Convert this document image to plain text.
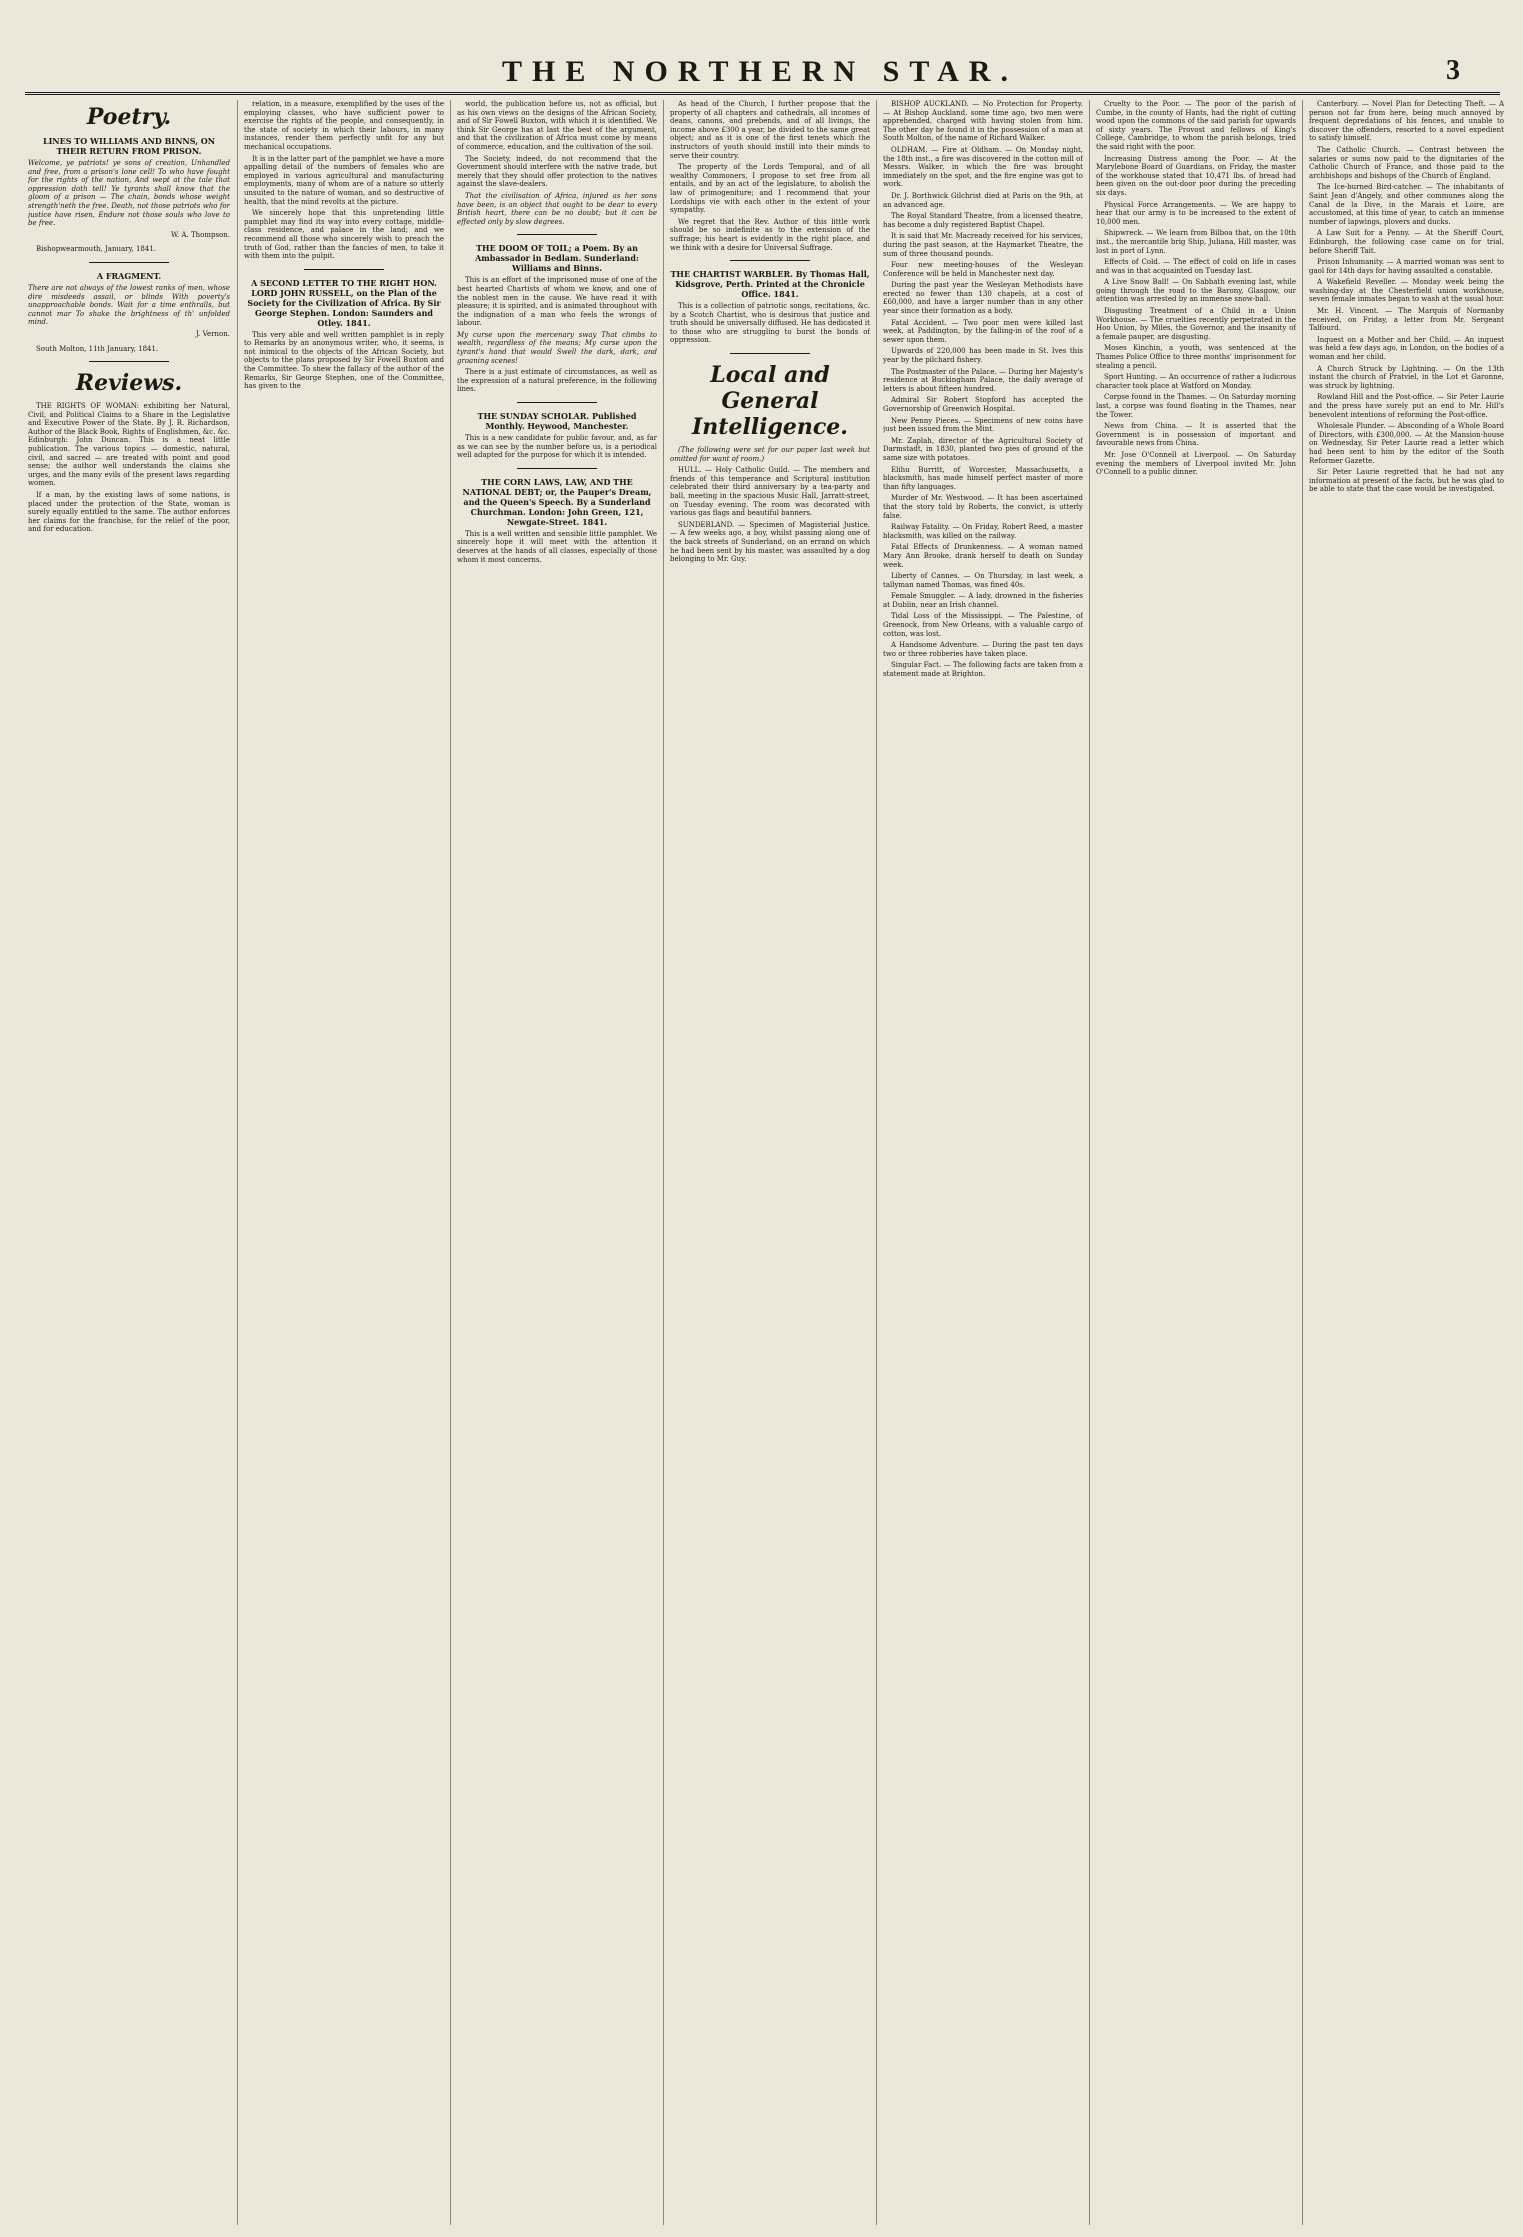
THE NORTHERN STAR.	3
Poetry.
LINES TO WILLIAMS AND BINNS, ON THEIR RETURN FROM PRISON.

Welcome, ye patriots! ye sons of creation, Unhandled and free, from a prison's lone cell! To who have fought for the rights of the nation, And wept at the tale that oppression doth tell! Ye tyrants shall know that the gloom of a prison — The chain, bonds whose weight strength'neth the free. Death, not those patriots who for justice have risen, Endure not those souls who love to be free.

W. A. Thompson.

Bishopwearmouth, January, 1841.

A FRAGMENT.

There are not always of the lowest ranks of men, whose dire misdeeds assail, or blinds With poverty's unapproachable bonds. Wait for a time enthralls, but cannot mar To shake the brightness of th' unfolded mind.

J. Vernon.

South Molton, 11th January, 1841.

Reviews.

THE RIGHTS OF WOMAN: exhibiting her Natural, Civil, and Political Claims to a Share in the Legislative and Executive Power of the State. By J. R. Richardson, Author of the Black Book, Rights of Englishmen, &c. &c. Edinburgh: John Duncan. This is a neat little publication. The various topics — domestic, natural, civil, and sacred — are treated with point and good sense; the author well understands the claims she urges, and the many evils of the present laws regarding women.

If a man, by the existing laws of some nations, is placed under the protection of the State, woman is surely equally entitled to the same. The author enforces her claims for the franchise, for the relief of the poor, and for education.

relation, in a measure, exemplified by the uses of the employing classes, who have sufficient power to exercise the rights of the people, and consequently, in the state of society in which their labours, in many instances, render them perfectly unfit for any but mechanical occupations.

It is in the latter part of the pamphlet we have a more appalling detail of the numbers of females who are employed in various agricultural and manufacturing employments, many of whom are of a nature so utterly unsuited to the nature of woman, and so destructive of health, that the mind revolts at the picture.

We sincerely hope that this unpretending little pamphlet may find its way into every cottage, middle-class residence, and palace in the land; and we recommend all those who sincerely wish to preach the truth of God, rather than the fancies of men, to take it with them into the pulpit.

A SECOND LETTER TO THE RIGHT HON. LORD JOHN RUSSELL, on the Plan of the Society for the Civilization of Africa. By Sir George Stephen. London: Saunders and Otley. 1841.

This very able and well written pamphlet is in reply to Remarks by an anonymous writer, who, it seems, is not inimical to the objects of the African Society, but objects to the plans proposed by Sir Fowell Buxton and the Committee. To shew the fallacy of the author of the Remarks, Sir George Stephen, one of the Committee, has given to the

world, the publication before us, not as official, but as his own views on the designs of the African Society, and of Sir Fowell Buxton, with which it is identified. We think Sir George has at last the best of the argument, and that the civilization of Africa must come by means of commerce, education, and the cultivation of the soil.

The Society, indeed, do not recommend that the Government should interfere with the native trade, but merely that they should offer protection to the natives against the slave-dealers.

That the civilisation of Africa, injured as her sons have been, is an object that ought to be dear to every British heart, there can be no doubt; but it can be effected only by slow degrees.

THE DOOM OF TOIL; a Poem. By an Ambassador in Bedlam. Sunderland: Williams and Binns.

This is an effort of the imprisoned muse of one of the best hearted Chartists of whom we know, and one of the noblest men in the cause. We have read it with pleasure; it is spirited, and is animated throughout with the indignation of a man who feels the wrongs of labour.

My curse upon the mercenary sway That climbs to wealth, regardless of the means; My curse upon the tyrant's hand that would Swell the dark, dark, and groaning scenes!

There is a just estimate of circumstances, as well as the expression of a natural preference, in the following lines.

THE SUNDAY SCHOLAR. Published Monthly. Heywood, Manchester.

This is a new candidate for public favour, and, as far as we can see by the number before us, is a periodical well adapted for the purpose for which it is intended.

THE CORN LAWS, LAW, AND THE NATIONAL DEBT; or, the Pauper's Dream, and the Queen's Speech. By a Sunderland Churchman. London: John Green, 121, Newgate-Street. 1841.

This is a well written and sensible little pamphlet. We sincerely hope it will meet with the attention it deserves at the hands of all classes, especially of those whom it most concerns.

As head of the Church, I further propose that the property of all chapters and cathedrals, all incomes of deans, canons, and prebends, and of all livings, the income above £300 a year, be divided to the same great object; and as it is one of the first tenets which the instructors of youth should instill into their minds to serve their country.

The property of the Lords Temporal, and of all wealthy Commoners, I propose to set free from all entails, and by an act of the legislature, to abolish the law of primogeniture; and I recommend that your Lordships vie with each other in the extent of your sympathy.

We regret that the Rev. Author of this little work should be so indefinite as to the extension of the suffrage; his heart is evidently in the right place, and we think with a desire for Universal Suffrage.

THE CHARTIST WARBLER. By Thomas Hall, Kidsgrove, Perth. Printed at the Chronicle Office. 1841.

This is a collection of patriotic songs, recitations, &c. by a Scotch Chartist, who is desirous that justice and truth should be universally diffused. He has dedicated it to those who are struggling to burst the bonds of oppression.

Local and General Intelligence.

(The following were set for our paper last week but omitted for want of room.)

HULL. — Holy Catholic Guild. — The members and friends of this temperance and Scriptural institution celebrated their third anniversary by a tea-party and ball, meeting in the spacious Music Hall, Jarratt-street, on Tuesday evening. The room was decorated with various gas flags and beautiful banners.

SUNDERLAND. — Specimen of Magisterial Justice. — A few weeks ago, a boy, whilst passing along one of the back streets of Sunderland, on an errand on which he had been sent by his master, was assaulted by a dog belonging to Mr. Guy.

BISHOP AUCKLAND. — No Protection for Property. — At Bishop Auckland, some time ago, two men were apprehended, charged with having stolen from him. The other day he found it in the possession of a man at South Molton, of the name of Richard Walker.

OLDHAM. — Fire at Oldham. — On Monday night, the 18th inst., a fire was discovered in the cotton mill of Messrs. Walker, in which the fire was brought immediately on the spot, and the fire engine was got to work.

Dr. J. Borthwick Gilchrist died at Paris on the 9th, at an advanced age.

The Royal Standard Theatre, from a licensed theatre, has become a duly registered Baptist Chapel.

It is said that Mr. Macready received for his services, during the past season, at the Haymarket Theatre, the sum of three thousand pounds.

Four new meeting-houses of the Wesleyan Conference will be held in Manchester next day.

During the past year the Wesleyan Methodists have erected no fewer than 130 chapels, at a cost of £60,000, and have a larger number than in any other year since their formation as a body.

Fatal Accident. — Two poor men were killed last week, at Paddington, by the falling-in of the roof of a sewer upon them.

Upwards of 220,000 has been made in St. Ives this year by the pilchard fishery.

The Postmaster of the Palace. — During her Majesty's residence at Buckingham Palace, the daily average of letters is about fifteen hundred.

Admiral Sir Robert Stopford has accepted the Governorship of Greenwich Hospital.

New Penny Pieces. — Specimens of new coins have just been issued from the Mint.

Mr. Zaplah, director of the Agricultural Society of Darmstadt, in 1830, planted two pies of ground of the same size with potatoes.

Elihu Burritt, of Worcester, Massachusetts, a blacksmith, has made himself perfect master of more than fifty languages.

Murder of Mr. Westwood. — It has been ascertained that the story told by Roberts, the convict, is utterly false.

Railway Fatality. — On Friday, Robert Reed, a master blacksmith, was killed on the railway.

Fatal Effects of Drunkenness. — A woman named Mary Ann Brooke, drank herself to death on Sunday week.

Liberty of Cannes. — On Thursday, in last week, a tallyman named Thomas, was fined 40s.

Female Smuggler. — A lady, drowned in the fisheries at Dublin, near an Irish channel.

Tidal Loss of the Mississippi. — The Palestine, of Greenock, from New Orleans, with a valuable cargo of cotton, was lost.

A Handsome Adventure. — During the past ten days two or three robberies have taken place.

Singular Fact. — The following facts are taken from a statement made at Brighton.

Cruelty to the Poor. — The poor of the parish of Cumbe, in the county of Hants, had the right of cutting wood upon the commons of the said parish for upwards of sixty years. The Provost and fellows of King's College, Cambridge, to whom the parish belongs, tried the said right with the poor.

Increasing Distress among the Poor. — At the Marylebone Board of Guardians, on Friday, the master of the workhouse stated that 10,471 lbs. of bread had been given on the out-door poor during the preceding six days.

Physical Force Arrangements. — We are happy to hear that our army is to be increased to the extent of 10,000 men.

Shipwreck. — We learn from Bilboa that, on the 10th inst., the mercantile brig Ship, Juliana, Hill master, was lost in port of Lynn.

Effects of Cold. — The effect of cold on life in cases and was in that acquainted on Tuesday last.

A Live Snow Ball! — On Sabbath evening last, while going through the road to the Barony, Glasgow, our attention was arrested by an immense snow-ball.

Disgusting Treatment of a Child in a Union Workhouse. — The cruelties recently perpetrated in the Hoo Union, by Miles, the Governor, and the insanity of a female pauper, are disgusting.

Moses Kinchin, a youth, was sentenced at the Thames Police Office to three months' imprisonment for stealing a pencil.

Sport Hunting. — An occurrence of rather a ludicrous character took place at Watford on Monday.

Corpse found in the Thames. — On Saturday morning last, a corpse was found floating in the Thames, near the Tower.

News from China. — It is asserted that the Government is in possession of important and favourable news from China.

Mr. Jose O'Connell at Liverpool. — On Saturday evening the members of Liverpool invited Mr. John O'Connell to a public dinner.

Canterbury. — Novel Plan for Detecting Theft. — A person not far from here, being much annoyed by frequent depredations of his fences, and unable to discover the offenders, resorted to a novel expedient to satisfy himself.

The Catholic Church. — Contrast between the salaries or sums now paid to the dignitaries of the Catholic Church of France, and those paid to the archbishops and bishops of the Church of England.

The Ice-burned Bird-catcher. — The inhabitants of Saint Jean d'Angely, and other communes along the Canal de la Dive, in the Marais et Loire, are accustomed, at this time of year, to catch an immense number of lapwings, plovers and ducks.

A Law Suit for a Penny. — At the Sheriff Court, Edinburgh, the following case came on for trial, before Sheriff Tait.

Prison Inhumanity. — A married woman was sent to gaol for 14th days for having assaulted a constable.

A Wakefield Reveller. — Monday week being the washing-day at the Chesterfield union workhouse, seven female inmates began to wash at the usual hour.

Mr. H. Vincent. — The Marquis of Normanby received, on Friday, a letter from Mr. Sergeant Talfourd.

Inquest on a Mother and her Child. — An inquest was held a few days ago, in London, on the bodies of a woman and her child.

A Church Struck by Lightning. — On the 13th instant the church of Pratviel, in the Lot et Garonne, was struck by lightning.

Rowland Hill and the Post-office. — Sir Peter Laurie and the press have surely put an end to Mr. Hill's benevolent intentions of reforming the Post-office.

Wholesale Plunder. — Absconding of a Whole Board of Directors, with £300,000. — At the Mansion-house on Wednesday, Sir Peter Laurie read a letter which had been sent to him by the editor of the South Reformer Gazette.

Sir Peter Laurie regretted that he had not any information at present of the facts, but he was glad to be able to state that the case would be investigated.
